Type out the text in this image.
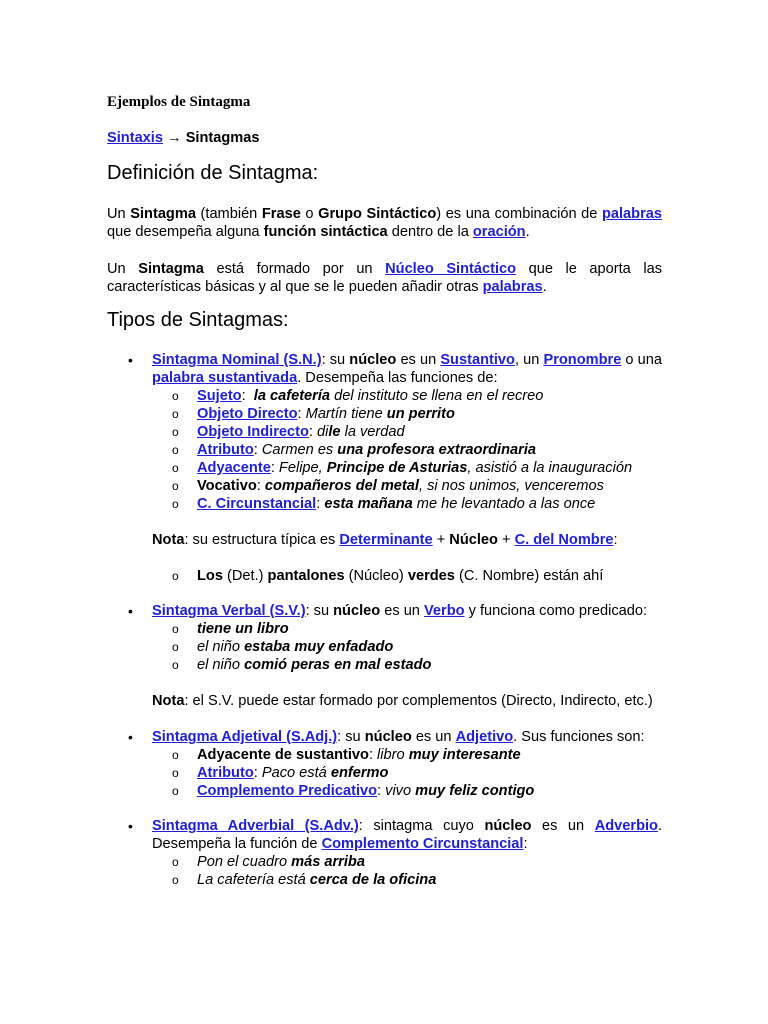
Ejemplos de Sintagma

Sintaxis → Sintagmas

Definición de Sintagma:

Un Sintagma (también Frase o Grupo Sintáctico) es una combinación de palabras que desempeña alguna función sintáctica dentro de la oración.

Un Sintagma está formado por un Núcleo Sintáctico que le aporta las características básicas y al que se le pueden añadir otras palabras.

Tipos de Sintagmas:
• Sintagma Nominal (S.N.): su núcleo es un Sustantivo, un Pronombre o una palabra sustantivada. Desempeña las funciones de:

o Sujeto:  la cafetería del instituto se llena en el recreo
o Objeto Directo: Martín tiene un perrito
o Objeto Indirecto: dile la verdad
o Atributo: Carmen es una profesora extraordinaria
o Adyacente: Felipe, Principe de Asturias, asistió a la inauguración
o Vocativo: compañeros del metal, si nos unimos, venceremos
o C. Circunstancial: esta mañana me he levantado a las once

Nota: su estructura típica es Determinante + Núcleo + C. del Nombre:

o Los (Det.) pantalones (Núcleo) verdes (C. Nombre) están ahí
• Sintagma Verbal (S.V.): su núcleo es un Verbo y funciona como predicado:

o tiene un libro
o el niño estaba muy enfadado
o el niño comió peras en mal estado

Nota: el S.V. puede estar formado por complementos (Directo, Indirecto, etc.)

• Sintagma Adjetival (S.Adj.): su núcleo es un Adjetivo. Sus funciones son:

o Adyacente de sustantivo: libro muy interesante
o Atributo: Paco está enfermo
o Complemento Predicativo: vivo muy feliz contigo
• Sintagma Adverbial (S.Adv.): sintagma cuyo núcleo es un Adverbio.

Desempeña la función de Complemento Circunstancial:

o Pon el cuadro más arriba
o La cafetería está cerca de la oficina
